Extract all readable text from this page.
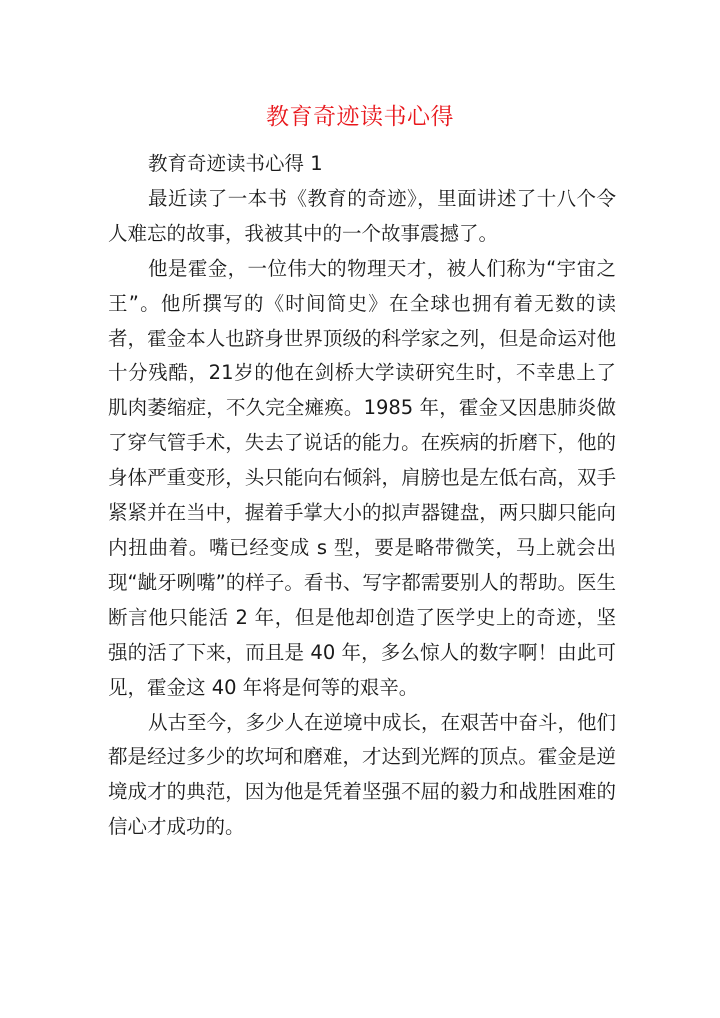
教育奇迹读书心得

教育奇迹读书心得 1

最近读了一本书《教育的奇迹》，里面讲述了十八个令人难忘的故事，我被其中的一个故事震撼了。

他是霍金，一位伟大的物理天才，被人们称为“宇宙之王”。他所撰写的《时间简史》在全球也拥有着无数的读者，霍金本人也跻身世界顶级的科学家之列，但是命运对他十分残酷，21岁的他在剑桥大学读研究生时，不幸患上了肌肉萎缩症，不久完全瘫痪。1985 年，霍金又因患肺炎做了穿气管手术，失去了说话的能力。在疾病的折磨下，他的身体严重变形，头只能向右倾斜，肩膀也是左低右高，双手紧紧并在当中，握着手掌大小的拟声器键盘，两只脚只能向内扭曲着。嘴已经变成 s 型，要是略带微笑，马上就会出现“龇牙咧嘴”的样子。看书、写字都需要别人的帮助。医生断言他只能活 2 年，但是他却创造了医学史上的奇迹，坚强的活了下来，而且是 40 年，多么惊人的数字啊！由此可见，霍金这 40 年将是何等的艰辛。

从古至今，多少人在逆境中成长，在艰苦中奋斗，他们都是经过多少的坎坷和磨难，才达到光辉的顶点。霍金是逆境成才的典范，因为他是凭着坚强不屈的毅力和战胜困难的信心才成功的。
